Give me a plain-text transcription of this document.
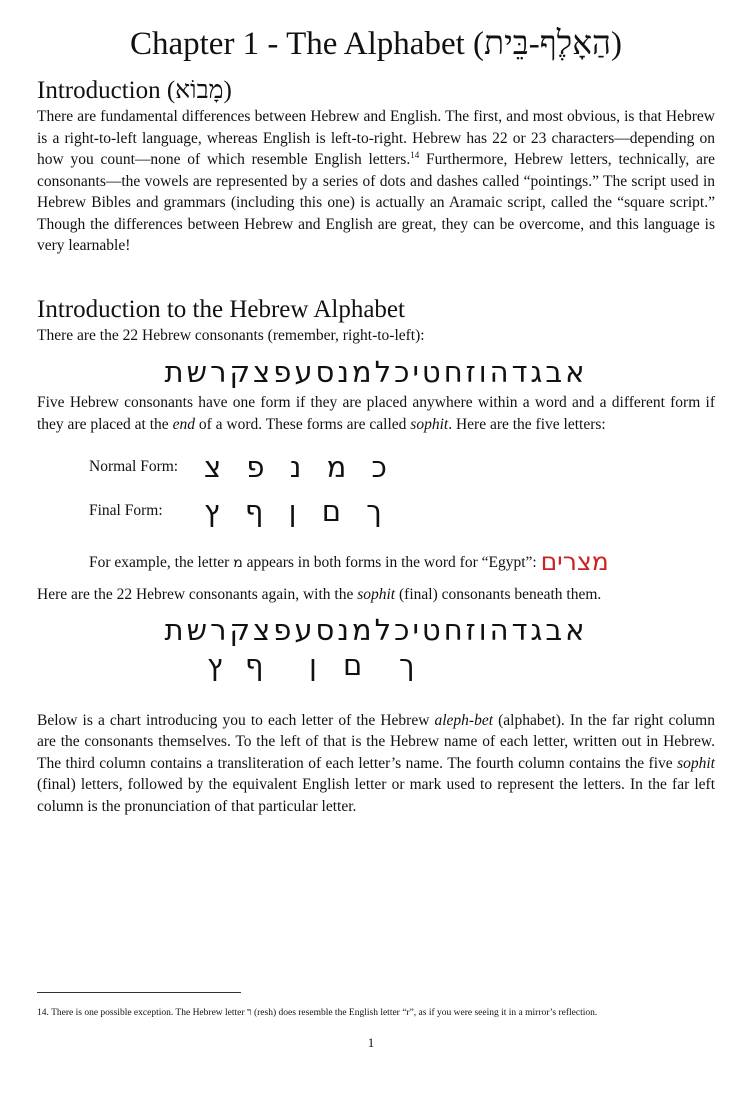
Chapter 1 - The Alphabet (הַאָלֶף-בֵּית)
Introduction (מָבוֹא)

There are fundamental differences between Hebrew and English. The first, and most obvious, is that Hebrew is a right-to-left language, whereas English is left-to-right. Hebrew has 22 or 23 characters—depending on how you count—none of which resemble English letters.$^{14}$ Furthermore, Hebrew letters, technically, are consonants—the vowels are represented by a series of dots and dashes called “pointings.” The script used in Hebrew Bibles and grammars (including this one) is actually an Aramaic script, called the “square script.” Though the differences between Hebrew and English are great, they can be overcome, and this language is very learnable!

Introduction to the Hebrew Alphabet

There are the 22 Hebrew consonants (remember, right-to-left):

אבגדהוזחטיכלמנסעפצקרשת

Five Hebrew consonants have one form if they are placed anywhere within a word and a different form if they are placed at the end of a word. These forms are called sophit. Here are the five letters:

Normal Form: כ מ נ פ צ
Final Form:	ך ם ן ף ץ
For example, the letter מ appears in both forms in the word for “Egypt”: מצרים

Here are the 22 Hebrew consonants again, with the sophit (final) consonants beneath them.

אבגדהוזחטיכלמנסעפצקרשת
ך
ם
ן
ף
ץ

Below is a chart introducing you to each letter of the Hebrew aleph-bet (alphabet). In the far right column are the consonants themselves. To the left of that is the Hebrew name of each letter, written out in Hebrew. The third column contains a transliteration of each letter’s name. The fourth column contains the five sophit (final) letters, followed by the equivalent English letter or mark used to represent the letters. In the far left column is the pronunciation of that particular letter.

14. There is one possible exception. The Hebrew letter ר (resh) does resemble the English letter “r”, as if you were seeing it in a mirror’s reflection.
1
